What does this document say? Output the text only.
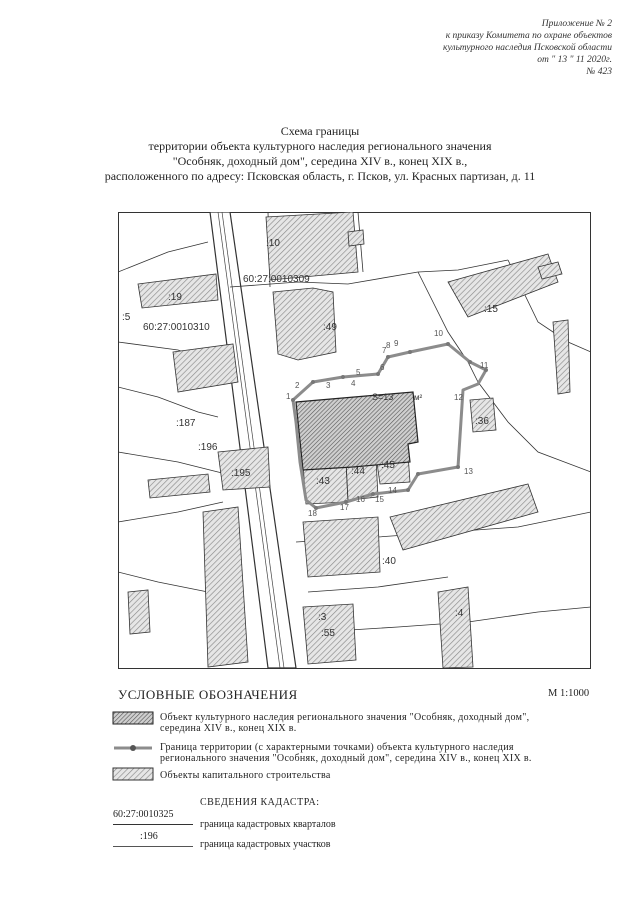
Приложение № 2
к приказу Комитета по охране объектов
культурного наследия Псковской области
от " 13 " 11 2020г.
№ 423
Схема границы
территории объекта культурного наследия регионального значения
"Особняк, доходный дом", середина XIV в., конец XIX в.,
расположенного по адресу: Псковская область, г. Псков, ул. Красных партизан, д. 11
:10
60:27:0010309
:19
:5
60:27:0010310	:49
:15
:187
:196
:195
:36
:43
:44
:45
:40
:3
:55
:4
S=13	м²
1
2	3	4
5
6
7
8 9
10
11
12
13
14
15
16
17
18
УСЛОВНЫЕ ОБОЗНАЧЕНИЯ	М 1:1000
Объект культурного наследия регионального значения "Особняк, доходный дом",
середина XIV в., конец XIX в.
Граница территории (с характерными точками) объекта культурного наследия
регионального значения "Особняк, доходный дом", середина XIV в., конец XIX в.
Объекты капитального строительства
СВЕДЕНИЯ КАДАСТРА:
60:27:0010325
граница кадастровых кварталов
:196
граница кадастровых участков
